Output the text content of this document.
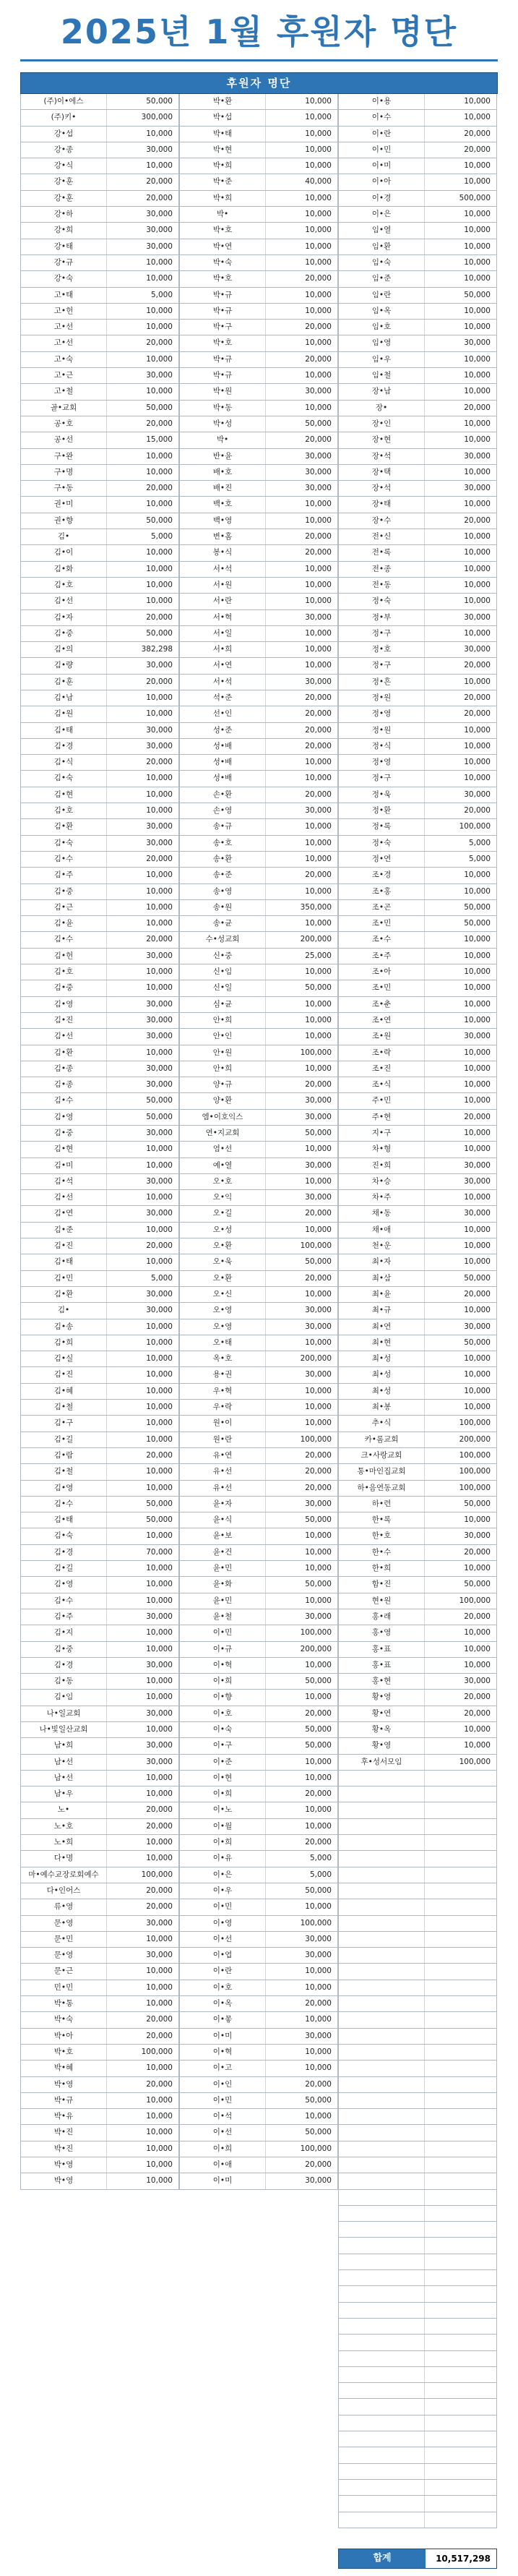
2025년 1월 후원자 명단
후원자 명단
(주)이•에스	50,000
(주)키•	300,000
강•섭	10,000
강•종	30,000
강•식	10,000
강•훈	20,000
강•훈	20,000
강•하	30,000
강•희	30,000
강•태	30,000
강•규	10,000
강•숙	10,000
고•태	5,000
고•헌	10,000
고•선	10,000
고•선	20,000
고•숙	10,000
고•근	30,000
고•철	10,000
골•교회	50,000
공•호	20,000
공•선	15,000
구•완	10,000
구•명	10,000
구•동	20,000
권•미	10,000
권•향	50,000
김•	5,000
김•이	10,000
김•화	10,000
김•호	10,000
김•선	10,000
김•자	20,000
김•중	50,000
김•의	382,298
김•량	30,000
김•훈	20,000
김•남	10,000
김•원	10,000
김•태	30,000
김•경	30,000
김•식	20,000
김•숙	10,000
김•현	10,000
김•호	10,000
김•환	30,000
김•숙	30,000
김•수	20,000
김•주	10,000
김•중	10,000
김•근	10,000
김•윤	10,000
김•수	20,000
김•헌	30,000
김•호	10,000
김•중	10,000
김•영	30,000
김•진	30,000
김•선	30,000
김•환	10,000
김•종	30,000
김•종	30,000
김•수	50,000
김•영	50,000
김•중	30,000
김•현	10,000
김•미	10,000
김•석	30,000
김•선	10,000
김•연	30,000
김•준	10,000
김•진	20,000
김•태	10,000
김•민	5,000
김•환	30,000
김•	30,000
김•송	10,000
김•희	10,000
김•실	10,000
김•진	10,000
김•혜	10,000
김•철	10,000
김•구	10,000
김•길	10,000
김•람	20,000
김•철	10,000
김•영	10,000
김•수	50,000
김•태	50,000
김•숙	10,000
김•경	70,000
김•길	10,000
김•영	10,000
김•수	10,000
김•주	30,000
김•지	10,000
김•중	10,000
김•경	30,000
김•동	10,000
김•임	10,000
나•일교회	30,000
나•빛일산교회	10,000
남•희	30,000
남•선	30,000
남•선	10,000
남•우	10,000
노•	20,000
노•호	20,000
노•희	10,000
다•명	10,000
마•예수교장로회예수	100,000
다•인어스	20,000
류•영	20,000
문•영	30,000
문•민	10,000
문•영	30,000
문•근	10,000
민•민	10,000
박•통	10,000
박•숙	20,000
박•아	20,000
박•호	100,000
박•혜	10,000
박•영	20,000
박•규	10,000
박•유	10,000
박•진	10,000
박•진	10,000
박•영	10,000
박•영	10,000
박•환	10,000
박•섭	10,000
박•태	10,000
박•현	10,000
박•희	10,000
박•준	40,000
박•희	10,000
박•	10,000
박•호	10,000
박•연	10,000
박•숙	10,000
박•호	20,000
박•규	10,000
박•규	10,000
박•구	20,000
박•호	10,000
박•규	20,000
박•규	10,000
박•원	30,000
박•동	10,000
박•성	50,000
박•	20,000
반•윤	30,000
배•호	30,000
배•진	30,000
백•호	10,000
백•영	10,000
변•홈	20,000
봉•식	20,000
서•석	10,000
서•원	10,000
서•란	10,000
서•혁	30,000
서•일	10,000
서•희	10,000
서•연	10,000
서•석	30,000
석•준	20,000
선•인	20,000
성•준	20,000
성•배	20,000
성•배	10,000
성•배	10,000
손•환	20,000
손•영	30,000
송•규	10,000
송•호	10,000
송•환	10,000
송•준	20,000
송•영	10,000
송•원	350,000
송•균	10,000
수•성교회	200,000
신•중	25,000
신•임	10,000
신•일	50,000
심•균	10,000
안•희	10,000
안•인	10,000
안•원	100,000
안•희	10,000
양•규	20,000
양•환	30,000
엠•이호익스	30,000
연•지교회	50,000
염•선	10,000
예•열	30,000
오•호	10,000
오•익	30,000
오•길	20,000
오•성	10,000
오•환	100,000
오•욱	50,000
오•환	20,000
오•신	10,000
오•영	30,000
오•영	30,000
오•태	10,000
옥•호	200,000
용•권	30,000
우•혁	10,000
우•락	10,000
원•이	10,000
원•란	100,000
유•연	20,000
유•선	20,000
유•선	20,000
윤•자	30,000
윤•식	50,000
윤•보	10,000
윤•건	10,000
윤•민	10,000
윤•화	50,000
윤•민	10,000
윤•철	30,000
이•민	100,000
이•규	200,000
이•혁	10,000
이•희	50,000
이•향	10,000
이•호	20,000
이•숙	50,000
이•구	50,000
이•준	10,000
이•현	10,000
이•희	20,000
이•노	10,000
이•월	10,000
이•희	20,000
이•유	5,000
이•은	5,000
이•우	50,000
이•민	10,000
이•영	100,000
이•선	30,000
이•엽	30,000
이•란	10,000
이•호	10,000
이•옥	20,000
이•뫃	10,000
이•미	30,000
이•혁	10,000
이•고	10,000
이•인	20,000
이•민	50,000
이•석	10,000
이•선	50,000
이•희	100,000
이•애	20,000
이•미	30,000
이•용	10,000
이•수	10,000
이•란	20,000
이•민	20,000
이•미	10,000
이•아	10,000
이•경	500,000
이•은	10,000
임•열	10,000
임•환	10,000
임•숙	10,000
임•준	10,000
임•란	50,000
임•옥	10,000
임•호	10,000
임•영	30,000
임•우	10,000
임•철	10,000
장•남	10,000
장•	20,000
장•인	10,000
장•현	10,000
장•석	30,000
장•택	10,000
장•석	30,000
장•태	10,000
장•수	20,000
전•신	10,000
전•록	10,000
전•종	10,000
전•동	10,000
정•숙	10,000
정•부	30,000
정•구	10,000
정•호	30,000
정•구	20,000
정•흔	10,000
정•원	20,000
정•영	20,000
정•원	10,000
정•식	10,000
정•영	10,000
정•구	10,000
정•욱	30,000
정•환	20,000
정•록	100,000
정•숙	5,000
정•연	5,000
조•경	10,000
조•홍	10,000
조•곤	50,000
조•민	50,000
조•수	10,000
조•주	10,000
조•아	10,000
조•민	10,000
조•춘	10,000
조•연	10,000
조•원	30,000
조•락	10,000
조•진	10,000
조•식	10,000
주•민	10,000
주•현	20,000
지•구	10,000
차•형	10,000
진•희	30,000
차•승	30,000
차•주	10,000
채•동	30,000
채•애	10,000
천•운	10,000
최•자	10,000
최•삼	50,000
최•윤	20,000
최•규	10,000
최•연	30,000
최•현	50,000
최•성	10,000
최•성	10,000
최•성	10,000
최•봉	10,000
추•식	100,000
카•롬교회	200,000
크•사랑교회	100,000
통•마인집교회	100,000
하•음연동교회	100,000
하•련	50,000
한•록	10,000
한•호	30,000
한•수	20,000
한•희	10,000
함•진	50,000
현•원	100,000
홍•래	20,000
홍•영	10,000
홍•표	10,000
홍•표	10,000
홍•현	30,000
황•영	20,000
황•연	20,000
황•옥	10,000
황•영	10,000
후•성서모임	100,000
합계	10,517,298
